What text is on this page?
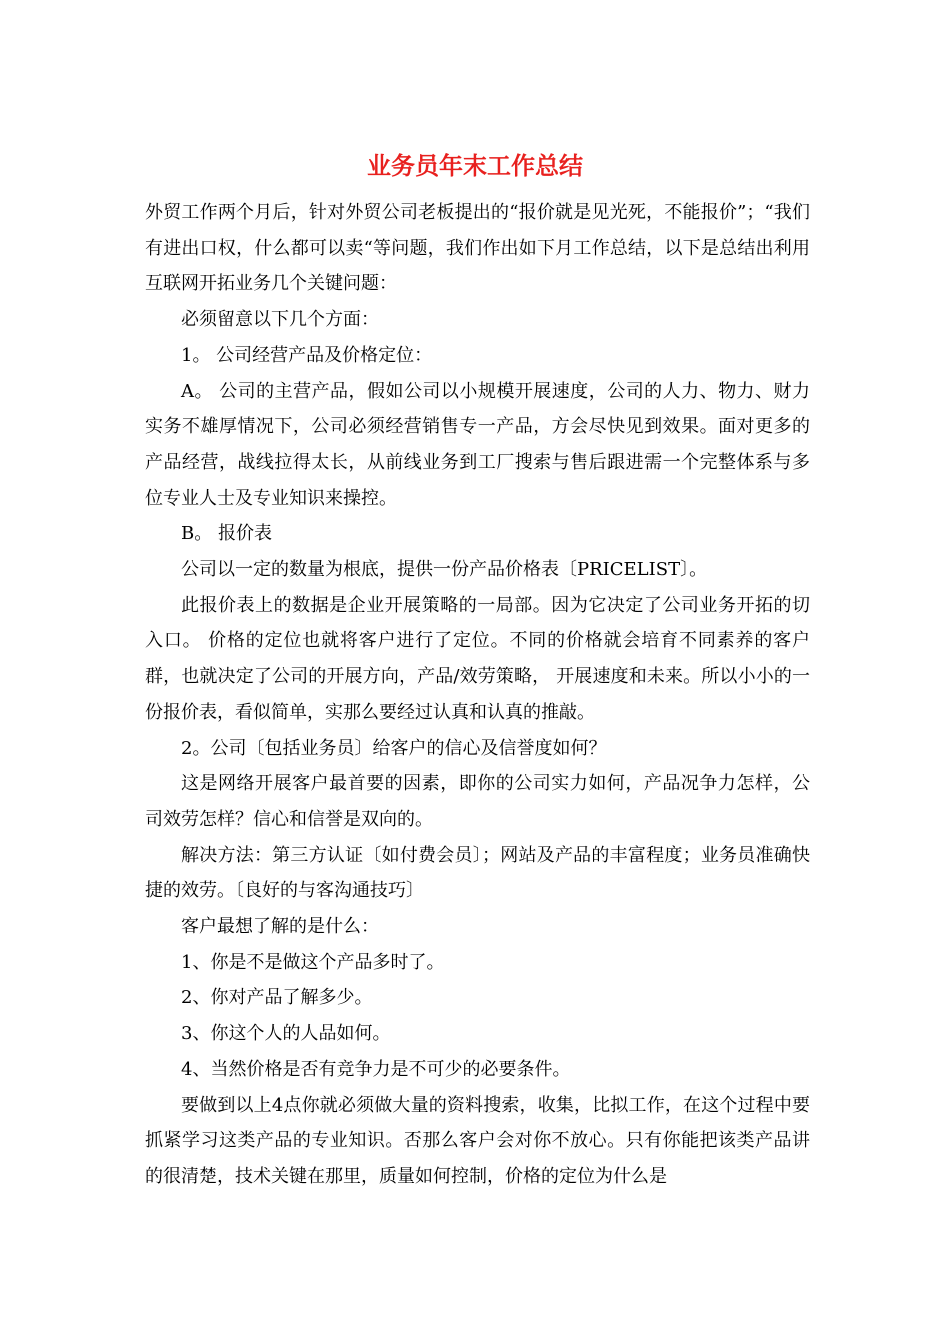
业务员年末工作总结

外贸工作两个月后，针对外贸公司老板提出的“报价就是见光死，不能报价”；“我们有进出口权，什么都可以卖“等问题，我们作出如下月工作总结，以下是总结出利用互联网开拓业务几个关键问题：

必须留意以下几个方面：

1。 公司经营产品及价格定位：

A。 公司的主营产品，假如公司以小规模开展速度，公司的人力、物力、财力实务不雄厚情况下，公司必须经营销售专一产品，方会尽快见到效果。面对更多的产品经营，战线拉得太长，从前线业务到工厂搜索与售后跟进需一个完整体系与多位专业人士及专业知识来操控。

B。 报价表

公司以一定的数量为根底，提供一份产品价格表〔PRICELIST〕。

此报价表上的数据是企业开展策略的一局部。因为它决定了公司业务开拓的切入口。 价格的定位也就将客户进行了定位。不同的价格就会培育不同素养的客户群，也就决定了公司的开展方向，产品/效劳策略， 开展速度和未来。所以小小的一份报价表，看似简单，实那么要经过认真和认真的推敲。

2。公司〔包括业务员〕给客户的信心及信誉度如何？

这是网络开展客户最首要的因素，即你的公司实力如何，产品况争力怎样，公司效劳怎样？信心和信誉是双向的。

解决方法：第三方认证〔如付费会员〕；网站及产品的丰富程度；业务员准确快捷的效劳。〔良好的与客沟通技巧〕

客户最想了解的是什么：

1、你是不是做这个产品多时了。

2、你对产品了解多少。

3、你这个人的人品如何。

4、当然价格是否有竞争力是不可少的必要条件。

要做到以上4点你就必须做大量的资料搜索，收集，比拟工作，在这个过程中要抓紧学习这类产品的专业知识。否那么客户会对你不放心。只有你能把该类产品讲的很清楚，技术关键在那里，质量如何控制，价格的定位为什么是
